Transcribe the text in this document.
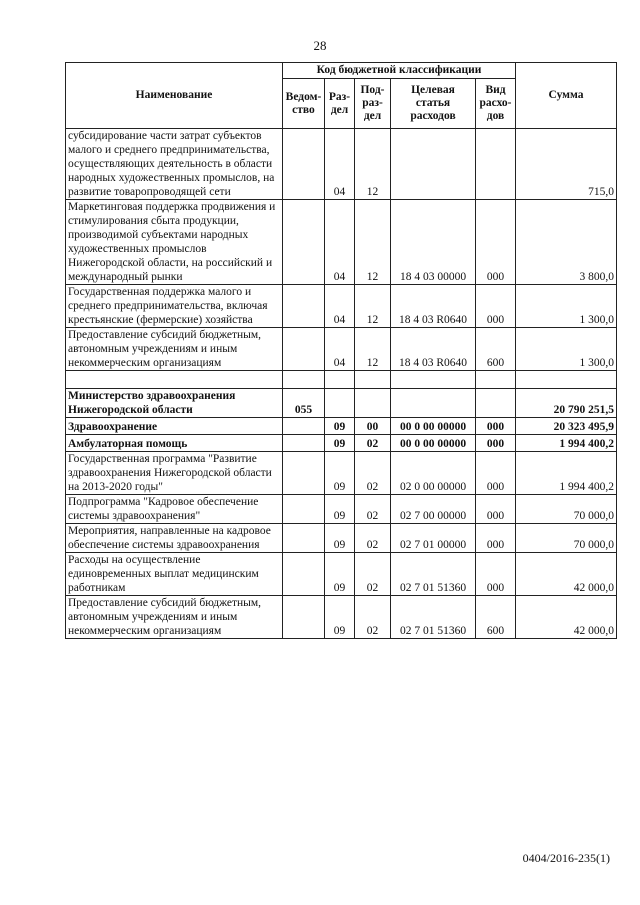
28
Наименование	Код бюджетной классификации					Сумма
	Ведом-ство	Раз-дел	Под-раз-дел	Целевая статья расходов	Вид расхо-дов	
субсидирование части затрат субъектов малого и среднего предпринимательства, осуществляющих деятельность в области народных художественных промыслов, на развитие товаропроводящей сети		04	12			715,0
Маркетинговая поддержка продвижения и стимулирования сбыта продукции, производимой субъектами народных художественных промыслов Нижегородской области, на российский и международный рынки		04	12	18 4 03 00000	000	3 800,0
Государственная поддержка малого и среднего предпринимательства, включая крестьянские (фермерские) хозяйства		04	12	18 4 03 R0640	000	1 300,0
Предоставление субсидий бюджетным, автономным учреждениям и иным некоммерческим организациям		04	12	18 4 03 R0640	600	1 300,0

Министерство здравоохранения Нижегородской области	055					20 790 251,5
Здравоохранение		09	00	00 0 00 00000	000	20 323 495,9
Амбулаторная помощь		09	02	00 0 00 00000	000	1 994 400,2
Государственная программа "Развитие здравоохранения Нижегородской области на 2013-2020 годы"		09	02	02 0 00 00000	000	1 994 400,2
Подпрограмма "Кадровое обеспечение системы здравоохранения"		09	02	02 7 00 00000	000	70 000,0
Мероприятия, направленные на кадровое обеспечение системы здравоохранения		09	02	02 7 01 00000	000	70 000,0
Расходы на осуществление единовременных выплат медицинским работникам		09	02	02 7 01 51360	000	42 000,0
Предоставление субсидий бюджетным, автономным учреждениям и иным некоммерческим организациям		09	02	02 7 01 51360	600	42 000,0
0404/2016-235(1)
